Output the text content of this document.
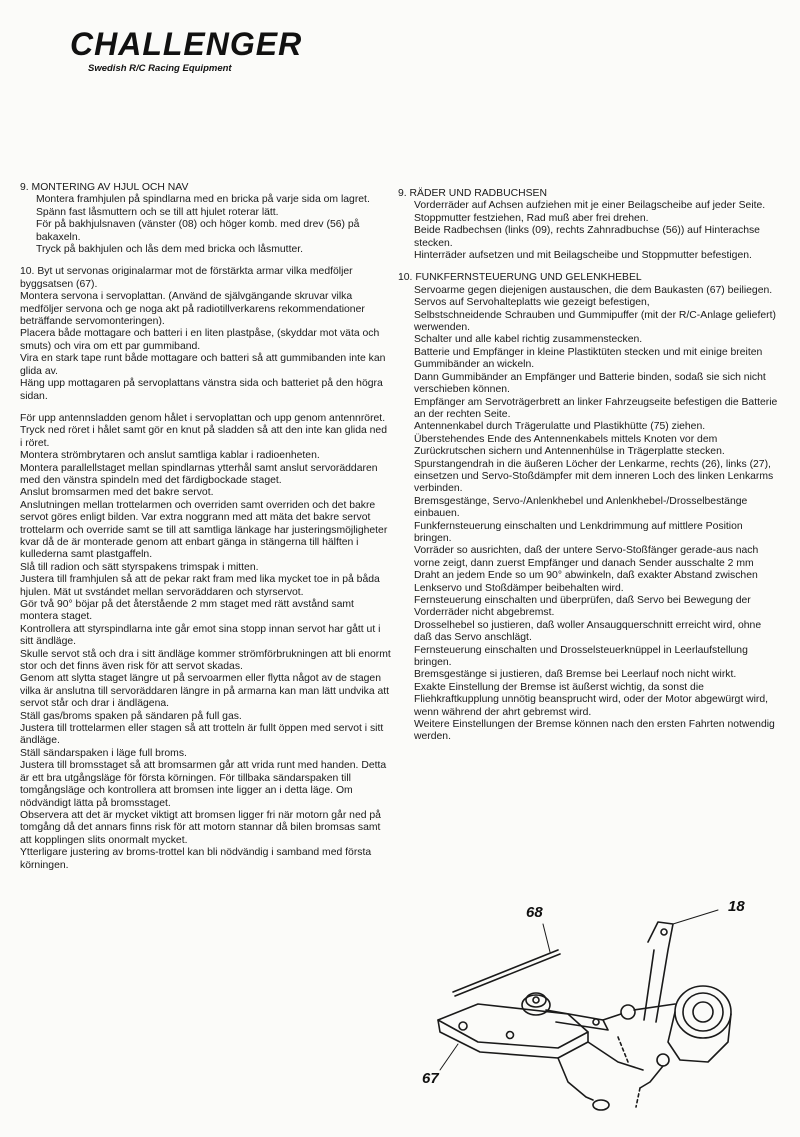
CHALLENGER
Swedish R/C Racing Equipment

9. MONTERING AV HJUL OCH NAV

Montera framhjulen på spindlarna med en bricka på varje sida om lagret.

Spänn fast låsmuttern och se till att hjulet roterar lätt.

För på bakhjulsnaven (vänster (08) och höger komb. med drev (56) på bakaxeln.

Tryck på bakhjulen och lås dem med bricka och låsmutter.

10. Byt ut servonas originalarmar mot de förstärkta armar vilka medföljer byggsatsen (67).

Montera servona i servoplattan. (Använd de självgängande skruvar vilka medföljer servona och ge noga akt på radiotillverkarens rekommendationer beträffande servomonteringen).

Placera både mottagare och batteri i en liten plastpåse, (skyddar mot väta och smuts) och vira om ett par gummiband.

Vira en stark tape runt både mottagare och batteri så att gummibanden inte kan glida av.

Häng upp mottagaren på servoplattans vänstra sida och batteriet på den högra sidan.

För upp antennsladden genom hålet i servoplattan och upp genom antennröret. Tryck ned röret i hålet samt gör en knut på sladden så att den inte kan glida ned i röret.

Montera strömbrytaren och anslut samtliga kablar i radioenheten.

Montera parallellstaget mellan spindlarnas ytterhål samt anslut servoräddaren med den vänstra spindeln med det färdigbockade staget.

Anslut bromsarmen med det bakre servot.

Anslutningen mellan trottelarmen och overriden samt overriden och det bakre servot göres enligt bilden. Var extra noggrann med att mäta det bakre servot trottelarm och override samt se till att samtliga länkage har justeringsmöjligheter kvar då de är monterade genom att enbart gänga in stängerna till hälften i kullederna samt plastgaffeln.

Slå till radion och sätt styrspakens trimspak i mitten.

Justera till framhjulen så att de pekar rakt fram med lika mycket toe in på båda hjulen. Mät ut svstándet mellan servoräddaren och styrservot.

Gör två 90° böjar på det återstående 2 mm staget med rätt avstånd samt montera staget.

Kontrollera att styrspindlarna inte går emot sina stopp innan servot har gått ut i sitt ändläge.

Skulle servot stå och dra i sitt ändläge kommer strömförbrukningen att bli enormt stor och det finns även risk för att servot skadas.

Genom att slytta staget längre ut på servoarmen eller flytta något av de stagen vilka är anslutna till servoräddaren längre in på armarna kan man lätt undvika att servot står och drar i ändlägena.

Ställ gas/broms spaken på sändaren på full gas.

Justera till trottelarmen eller stagen så att trotteln är fullt öppen med servot i sitt ändläge.

Ställ sändarspaken i läge full broms.

Justera till bromsstaget så att bromsarmen går att vrida runt med handen. Detta är ett bra utgångsläge för första körningen. För tillbaka sändarspaken till tomgångsläge och kontrollera att bromsen inte ligger an i detta läge. Om nödvändigt lätta på bromsstaget.

Observera att det är mycket viktigt att bromsen ligger fri när motorn går ned på tomgång då det annars finns risk för att motorn stannar då bilen bromsas samt att kopplingen slits onormalt mycket.

Ytterligare justering av broms-trottel kan bli nödvändig i samband med första körningen.

9. RÄDER UND RADBUCHSEN

Vorderräder auf Achsen aufziehen mit je einer Beilagscheibe auf jeder Seite.

Stoppmutter festziehen, Rad muß aber frei drehen.

Beide Radbechsen (links (09), rechts Zahnradbuchse (56)) auf Hinterachse stecken.

Hinterräder aufsetzen und mit Beilagscheibe und Stoppmutter befestigen.

10. FUNKFERNSTEUERUNG UND GELENKHEBEL

Servoarme gegen diejenigen austauschen, die dem Baukasten (67) beiliegen.

Servos auf Servohalteplatts wie gezeigt befestigen,

Selbstschneidende Schrauben und Gummipuffer (mit der R/C-Anlage geliefert) werwenden.

Schalter und alle kabel richtig zusammenstecken.

Batterie und Empfänger in kleine Plastiktüten stecken und mit einige breiten Gummibänder an wickeln.

Dann Gummibänder an Empfänger und Batterie binden, sodaß sie sich nicht verschieben können.

Empfänger am Servoträgerbrett an linker Fahrzeugseite befestigen die Batterie an der rechten Seite.

Antennenkabel durch Trägerulatte und Plastikhütte (75) ziehen.

Überstehendes Ende des Antennenkabels mittels Knoten vor dem Zurückrutschen sichern und Antennenhülse in Trägerplatte stecken. Spurstangendrah in die äußeren Löcher der Lenkarme, rechts (26), links (27), einsetzen und Servo-Stoßdämpfer mit dem inneren Loch des linken Lenkarms verbinden.

Bremsgestänge, Servo-/Anlenkhebel und Anlenkhebel-/Drosselbestänge einbauen.

Funkfernsteuerung einschalten und Lenkdrimmung auf mittlere Position bringen.

Vorräder so ausrichten, daß der untere Servo-Stoßfänger gerade-aus nach vorne zeigt, dann zuerst Empfänger und danach Sender ausschalte 2 mm Draht an jedem Ende so um 90° abwinkeln, daß exakter Abstand zwischen Lenkservo und Stoßdämper beibehalten wird.

Fernsteuerung einschalten und überprüfen, daß Servo bei Bewegung der Vorderräder nicht abgebremst.

Drosselhebel so justieren, daß woller Ansaugquerschnitt erreicht wird, ohne daß das Servo anschlägt.

Fernsteuerung einschalten und Drosselsteuerknüppel in Leerlaufstellung bringen.

Bremsgestänge si justieren, daß Bremse bei Leerlauf noch nicht wirkt.

Exakte Einstellung der Bremse ist äußerst wichtig, da sonst die Fliehkraftkupplung unnötig beansprucht wird, oder der Motor abgewürgt wird, wenn während der ahrt gebremst wird.

Weitere Einstellungen der Bremse können nach den ersten Fahrten notwendig werden.

68	18
67
